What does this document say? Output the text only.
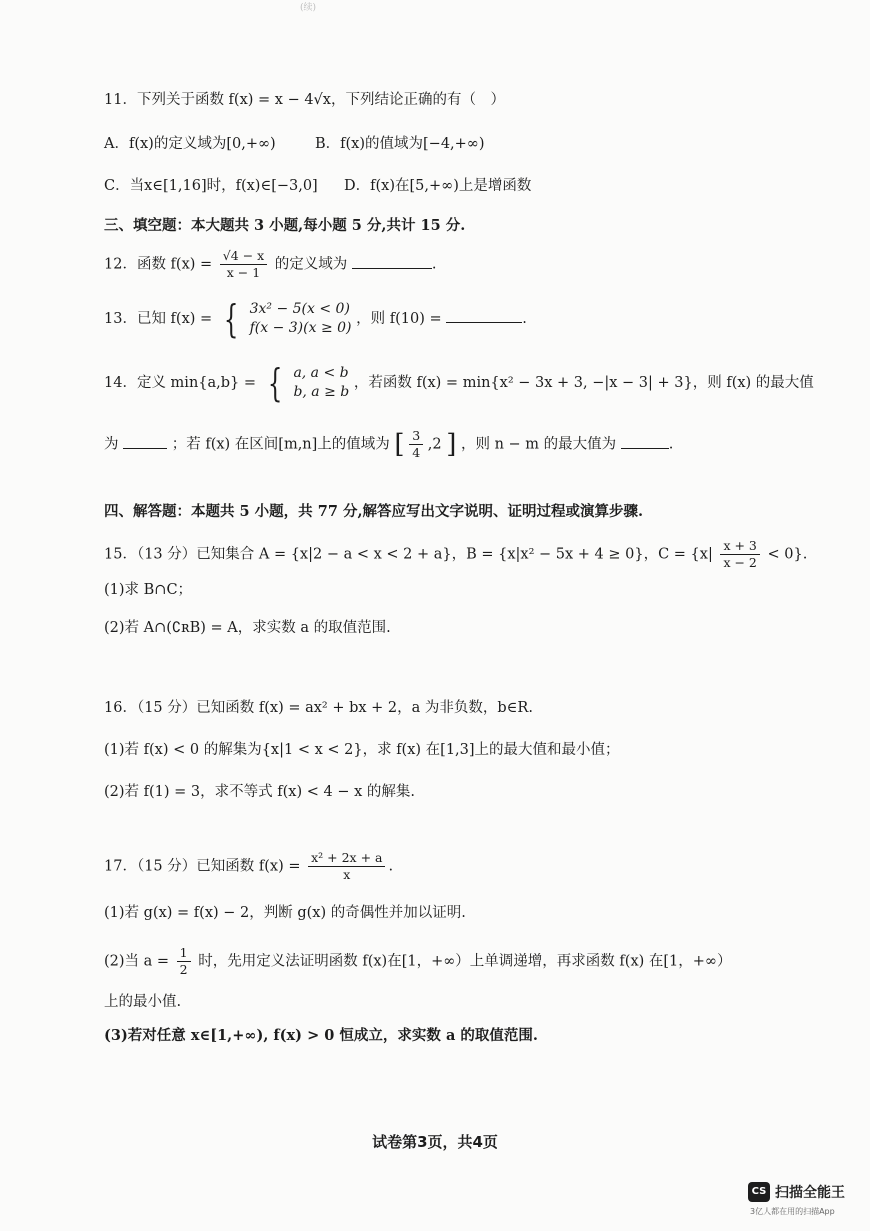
(续)
11．下列关于函数 f(x) = x − 4√x，下列结论正确的有（　）
A．f(x)的定义域为[0,+∞)	B．f(x)的值域为[−4,+∞)
C．当x∈[1,16]时，f(x)∈[−3,0] D．f(x)在[5,+∞)上是增函数
三、填空题：本大题共 3 小题,每小题 5 分,共计 15 分.
12．函数 $f(x) = \frac{√4 - x}{x - 1}$ 的定义域为	.
13．已知 f(x) = { 3x² − 5(x < 0)
f(x − 3)(x ≥ 0)
，则 f(10) =	.
14．定义 min{a,b} = { a, a < b
b, a ≥ b
，若函数 f(x) = min{x² − 3x + 3, −|x − 3| + 3}，则 f(x) 的最大值
为	；若 f(x) 在区间[m,n]上的值域为 [ $\frac{3}{4} ,2$ ] ，则 n − m 的最大值为	.
四、解答题：本题共 5 小题，共 77 分,解答应写出文字说明、证明过程或演算步骤.
15．（13 分）已知集合 A = {x|2 − a < x < 2 + a}，B = {x|x² − 5x + 4 ≥ 0}，$C = \{x| \frac{x + 3}{x - 2} < 0\}$.
(1)求 B∩C；
(2)若 A∩(∁ʀB) = A，求实数 a 的取值范围.
16．（15 分）已知函数 f(x) = ax² + bx + 2，a 为非负数，b∈R.
(1)若 f(x) < 0 的解集为{x|1 < x < 2}，求 f(x) 在[1,3]上的最大值和最小值；
(2)若 f(1) = 3，求不等式 f(x) < 4 − x 的解集.
17．（15 分）已知函数 $f(x) = \frac{\text{x² + 2x + a}}{x}$ .
(1)若 g(x) = f(x) − 2，判断 g(x) 的奇偶性并加以证明.
(2)当 $a = \frac{1}{2}$ 时，先用定义法证明函数 f(x)在[1，+∞）上单调递增，再求函数 f(x) 在[1，+∞）
上的最小值.
(3)若对任意 x∈[1,+∞), f(x) > 0 恒成立，求实数 a 的取值范围.
试卷第3页，共4页
CS 扫描全能王
3亿人都在用的扫描App
